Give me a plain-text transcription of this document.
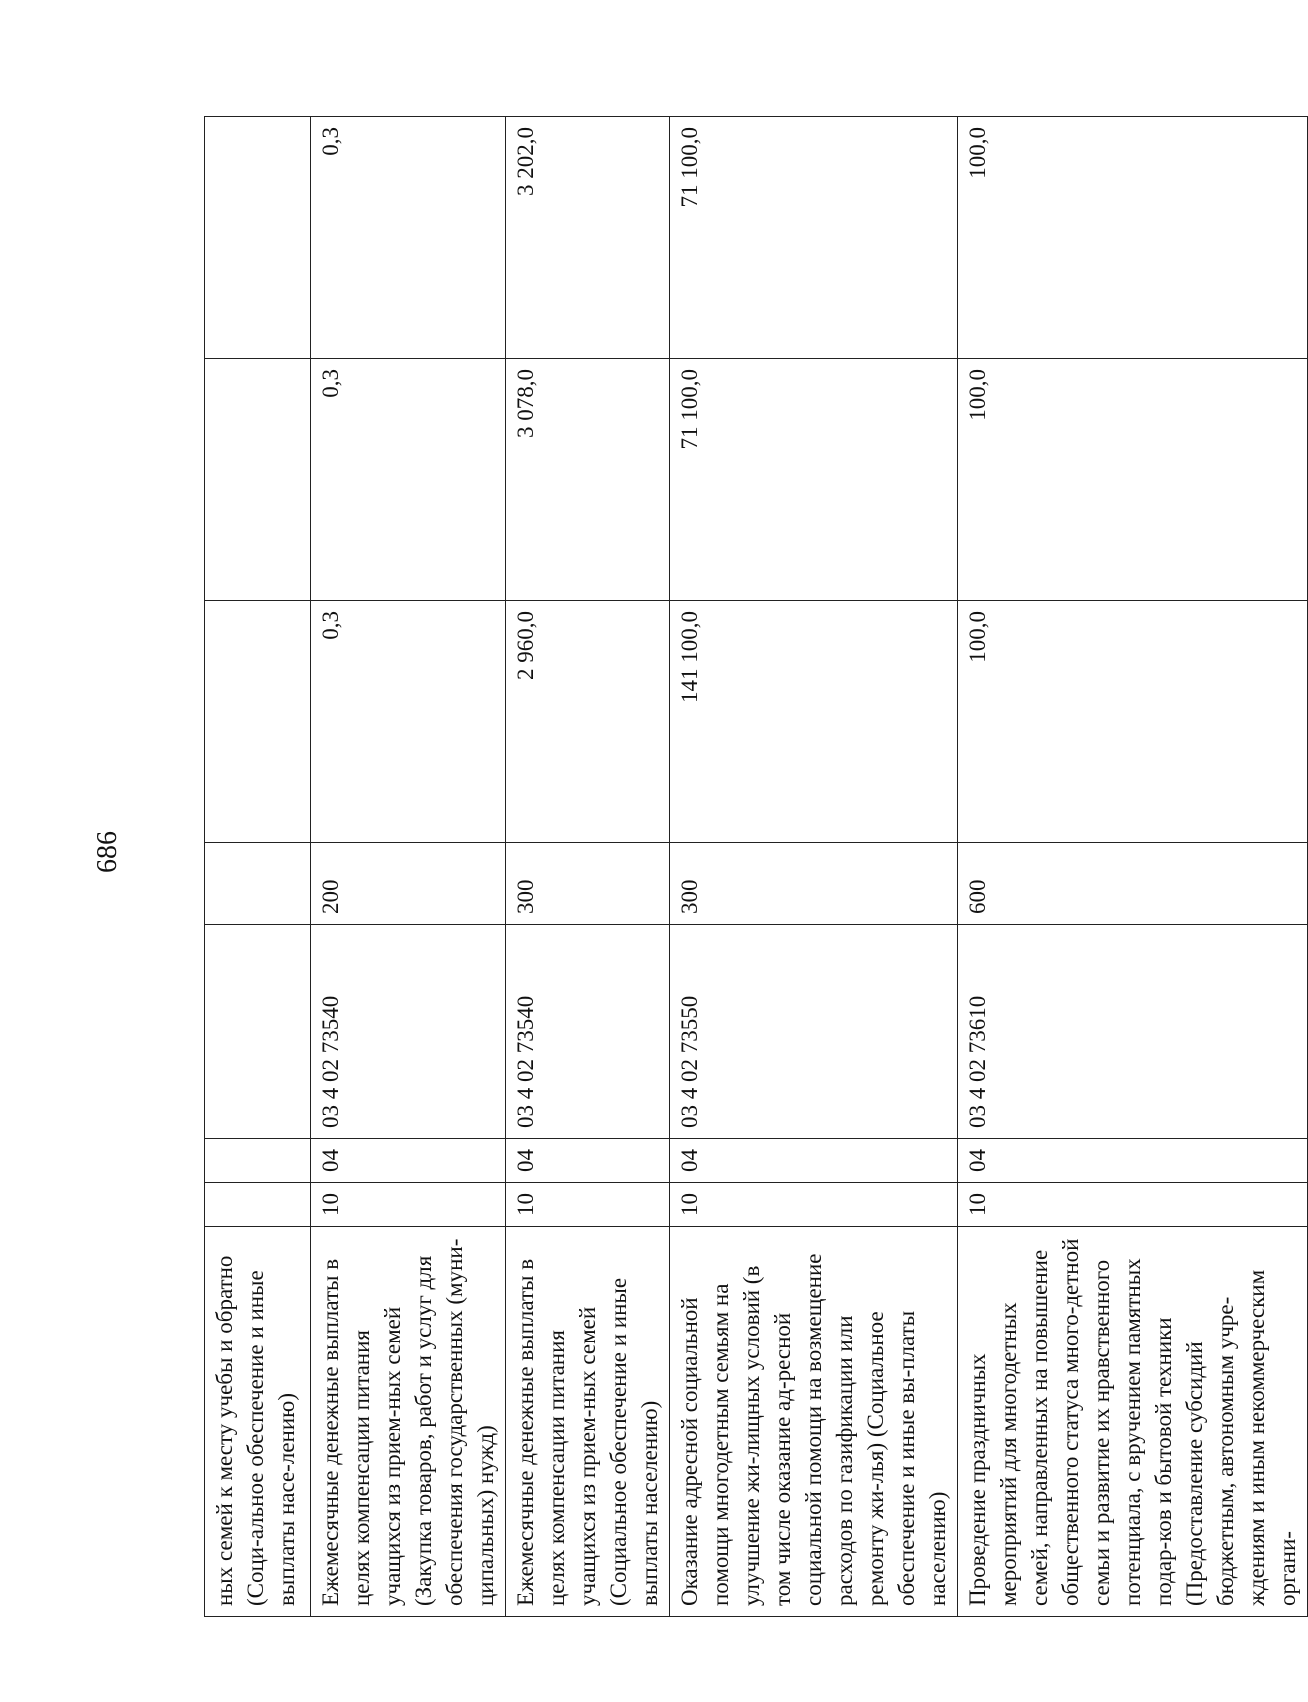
686
ных семей к месту учебы и обратно (Соци-альное обеспечение и иные выплаты насе-лению)							
Ежемесячные денежные выплаты в целях компенсации питания учащихся из прием-ных семей (Закупка товаров, работ и услуг для обеспечения государственных (муни-ципальных) нужд)	10	04	03 4 02 73540	200	0,3	0,3	0,3
Ежемесячные денежные выплаты в целях компенсации питания учащихся из прием-ных семей (Социальное обеспечение и иные выплаты населению)	10	04	03 4 02 73540	300	2 960,0	3 078,0	3 202,0
Оказание адресной социальной помощи многодетным семьям на улучшение жи-лищных условий (в том числе оказание ад-ресной социальной помощи на возмещение расходов по газификации или ремонту жи-лья) (Социальное обеспечение и иные вы-платы населению)	10	04	03 4 02 73550	300	141 100,0	71 100,0	71 100,0
Проведение праздничных мероприятий для многодетных семей, направленных на повышение общественного статуса много-детной семьи и развитие их нравственного потенциала, с вручением памятных подар-ков и бытовой техники (Предоставление субсидий бюджетным, автономным учре-ждениям и иным некоммерческим органи-	10	04	03 4 02 73610	600	100,0	100,0	100,0
